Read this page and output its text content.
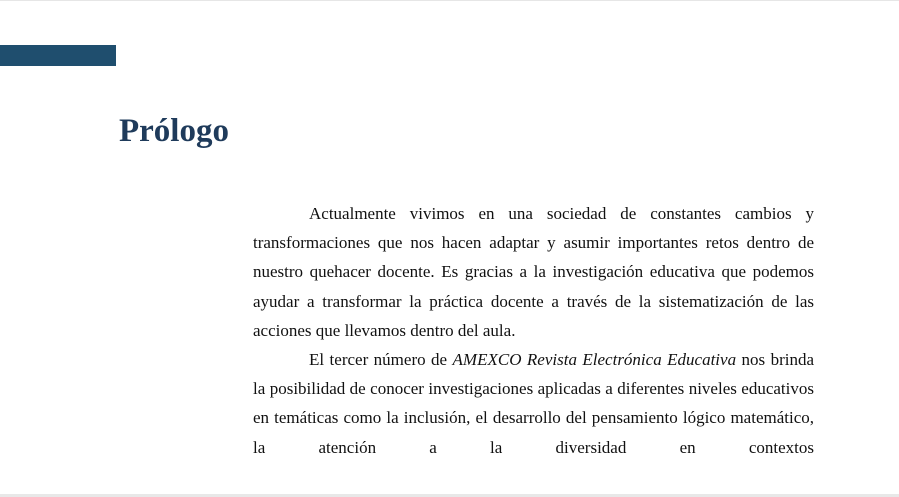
Prólogo

Actualmente vivimos en una sociedad de constantes cambios y transformaciones que nos hacen adaptar y asumir importantes retos dentro de nuestro quehacer docente. Es gracias a la investigación educativa que podemos ayudar a transformar la práctica docente a través de la sistematización de las acciones que llevamos dentro del aula.

El tercer número de AMEXCO Revista Electrónica Educativa nos brinda la posibilidad de conocer investigaciones aplicadas a diferentes niveles educativos en temáticas como la inclusión, el desarrollo del pensamiento lógico matemático, la atención a la diversidad en contextos
